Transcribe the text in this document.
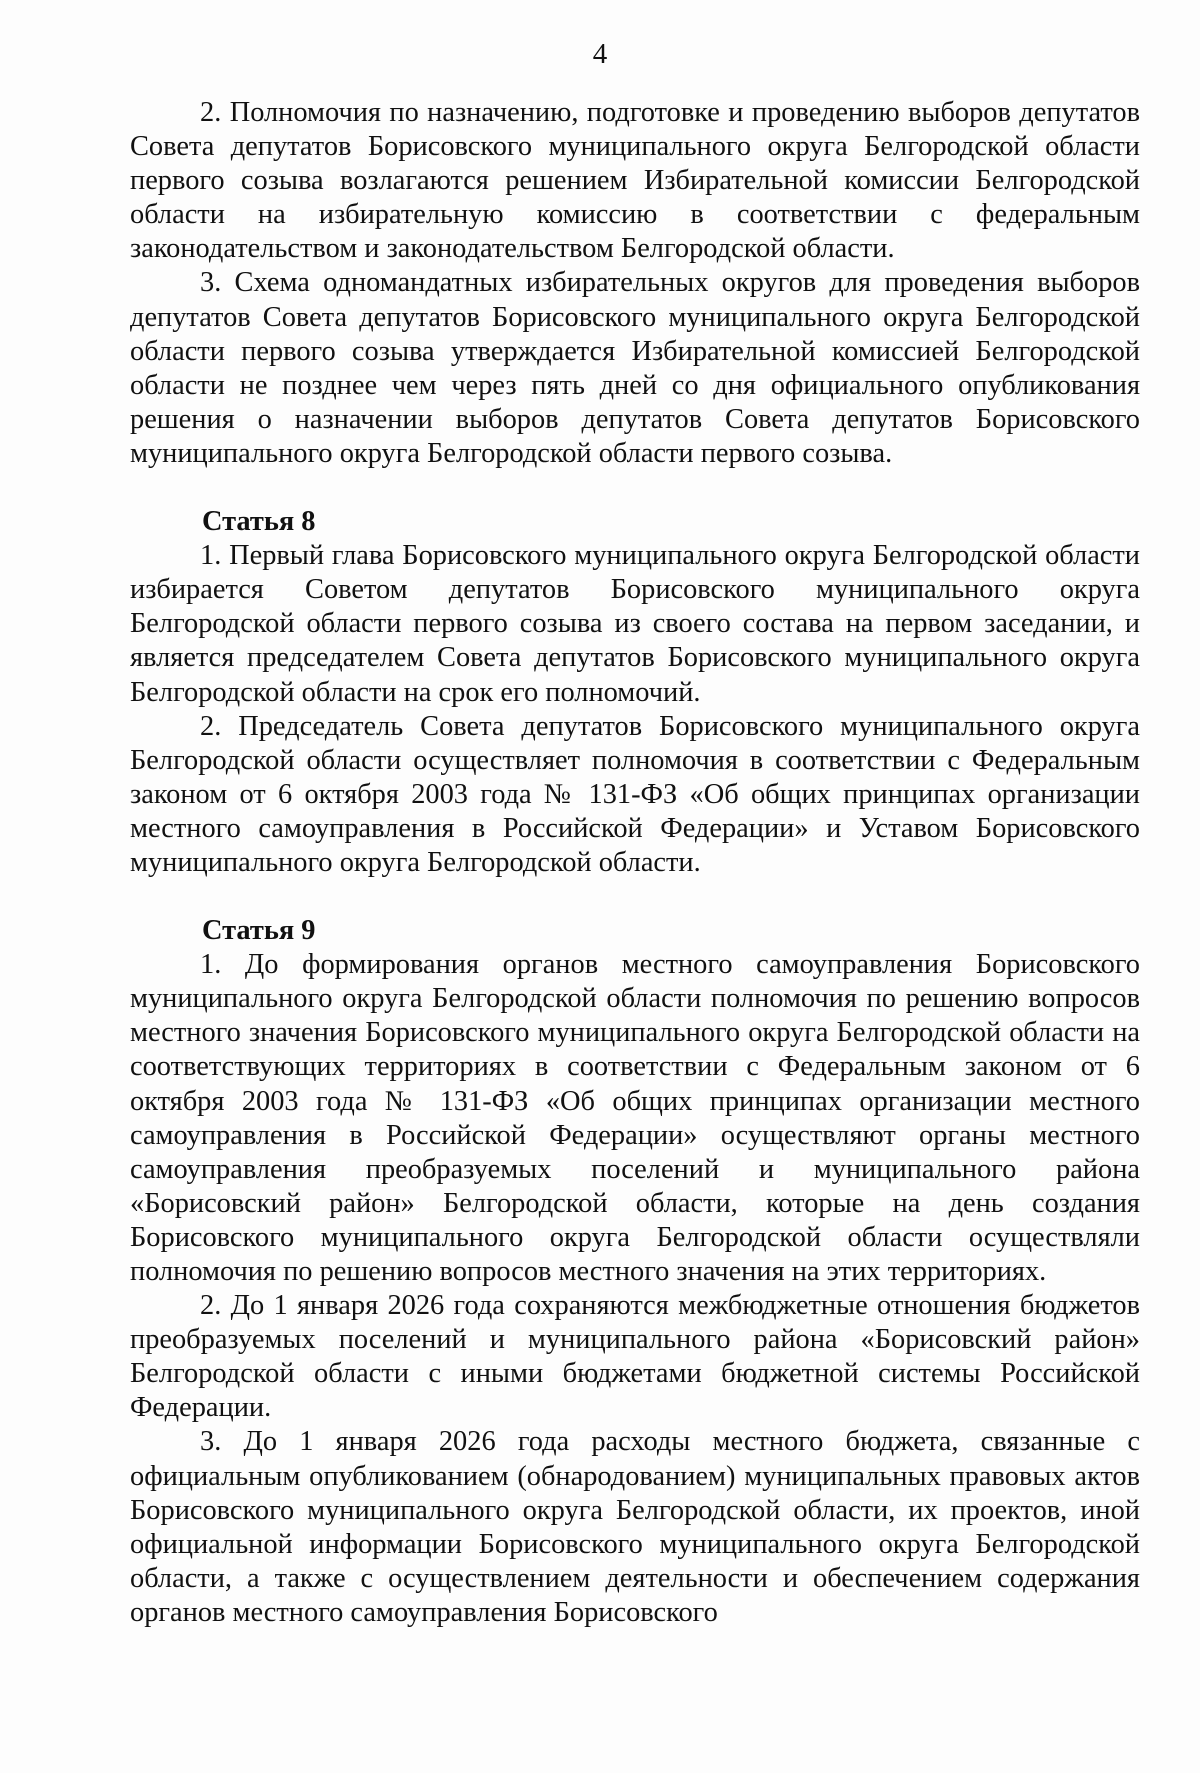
4

2. Полномочия по назначению, подготовке и проведению выборов депутатов Совета депутатов Борисовского муниципального округа Белгородской области первого созыва возлагаются решением Избирательной комиссии Белгородской области на избирательную комиссию в соответствии с федеральным законодательством и законодательством Белгородской области.

3. Схема одномандатных избирательных округов для проведения выборов депутатов Совета депутатов Борисовского муниципального округа Белгородской области первого созыва утверждается Избирательной комиссией Белгородской области не позднее чем через пять дней со дня официального опубликования решения о назначении выборов депутатов Совета депутатов Борисовского муниципального округа Белгородской области первого созыва.

Статья 8

1. Первый глава Борисовского муниципального округа Белгородской области избирается Советом депутатов Борисовского муниципального округа Белгородской области первого созыва из своего состава на первом заседании, и является председателем Совета депутатов Борисовского муниципального округа Белгородской области на срок его полномочий.

2. Председатель Совета депутатов Борисовского муниципального округа Белгородской области осуществляет полномочия в соответствии с Федеральным законом от 6 октября 2003 года № 131-ФЗ «Об общих принципах организации местного самоуправления в Российской Федерации» и Уставом Борисовского муниципального округа Белгородской области.

Статья 9

1. До формирования органов местного самоуправления Борисовского муниципального округа Белгородской области полномочия по решению вопросов местного значения Борисовского муниципального округа Белгородской области на соответствующих территориях в соответствии с Федеральным законом от 6 октября 2003 года № 131-ФЗ «Об общих принципах организации местного самоуправления в Российской Федерации» осуществляют органы местного самоуправления преобразуемых поселений и муниципального района «Борисовский район» Белгородской области, которые на день создания Борисовского муниципального округа Белгородской области осуществляли полномочия по решению вопросов местного значения на этих территориях.

2. До 1 января 2026 года сохраняются межбюджетные отношения бюджетов преобразуемых поселений и муниципального района «Борисовский район» Белгородской области с иными бюджетами бюджетной системы Российской Федерации.

3. До 1 января 2026 года расходы местного бюджета, связанные с официальным опубликованием (обнародованием) муниципальных правовых актов Борисовского муниципального округа Белгородской области, их проектов, иной официальной информации Борисовского муниципального округа Белгородской области, а также с осуществлением деятельности и обеспечением содержания органов местного самоуправления Борисовского
